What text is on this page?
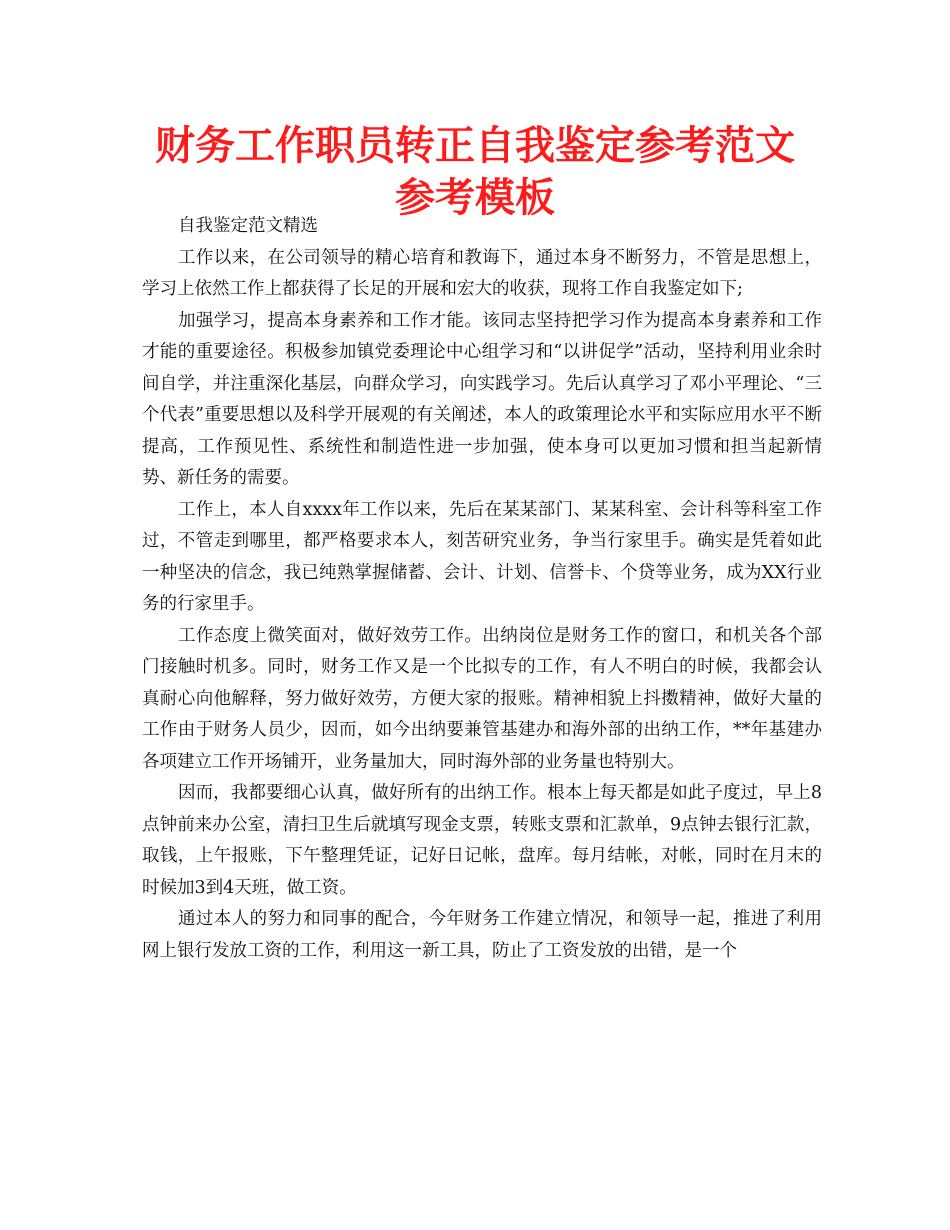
财务工作职员转正自我鉴定参考范文参考模板

自我鉴定范文精选

工作以来，在公司领导的精心培育和教诲下，通过本身不断努力，不管是思想上，学习上依然工作上都获得了长足的开展和宏大的收获，现将工作自我鉴定如下;

加强学习，提高本身素养和工作才能。该同志坚持把学习作为提高本身素养和工作才能的重要途径。积极参加镇党委理论中心组学习和“以讲促学”活动，坚持利用业余时间自学，并注重深化基层，向群众学习，向实践学习。先后认真学习了邓小平理论、“三个代表”重要思想以及科学开展观的有关阐述，本人的政策理论水平和实际应用水平不断提高，工作预见性、系统性和制造性进一步加强，使本身可以更加习惯和担当起新情势、新任务的需要。

工作上，本人自xxxx年工作以来，先后在某某部门、某某科室、会计科等科室工作过，不管走到哪里，都严格要求本人，刻苦研究业务，争当行家里手。确实是凭着如此一种坚决的信念，我已纯熟掌握储蓄、会计、计划、信誉卡、个贷等业务，成为XX行业务的行家里手。

工作态度上微笑面对，做好效劳工作。出纳岗位是财务工作的窗口，和机关各个部门接触时机多。同时，财务工作又是一个比拟专的工作，有人不明白的时候，我都会认真耐心向他解释，努力做好效劳，方便大家的报账。精神相貌上抖擞精神，做好大量的工作由于财务人员少，因而，如今出纳要兼管基建办和海外部的出纳工作，**年基建办各项建立工作开场铺开，业务量加大，同时海外部的业务量也特别大。

因而，我都要细心认真，做好所有的出纳工作。根本上每天都是如此子度过，早上8点钟前来办公室，清扫卫生后就填写现金支票，转账支票和汇款单，9点钟去银行汇款，取钱，上午报账，下午整理凭证，记好日记帐，盘库。每月结帐，对帐，同时在月末的时候加3到4天班，做工资。

通过本人的努力和同事的配合，今年财务工作建立情况，和领导一起，推进了利用网上银行发放工资的工作，利用这一新工具，防止了工资发放的出错，是一个
